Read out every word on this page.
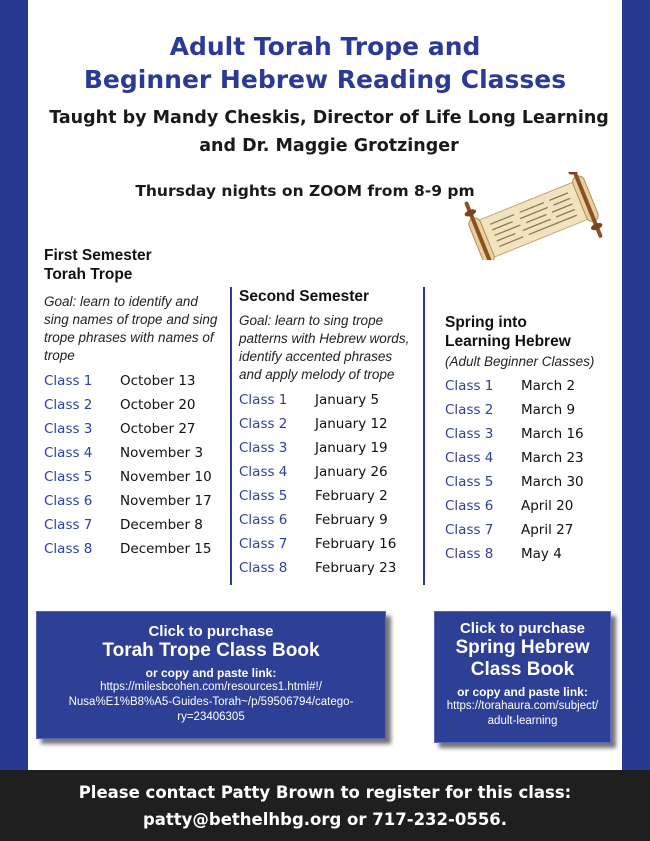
Adult Torah Trope and
Beginner Hebrew Reading Classes
Taught by Mandy Cheskis, Director of Life Long Learning
and Dr. Maggie Grotzinger
Thursday nights on ZOOM from 8-9 pm
First Semester
Torah Trope
Goal: learn to identify and sing names of trope and sing trope phrases with names of trope
Class 1	October 13
Class 2	October 20
Class 3	October 27
Class 4	November 3
Class 5	November 10
Class 6	November 17
Class 7	December 8
Class 8	December 15
Second Semester
Goal: learn to sing trope patterns with Hebrew words, identify accented phrases and apply melody of trope
Class 1	January 5
Class 2	January 12
Class 3	January 19
Class 4	January 26
Class 5	February 2
Class 6	February 9
Class 7	February 16
Class 8	February 23
Spring into
Learning Hebrew
(Adult Beginner Classes)
Class 1	March 2
Class 2	March 9
Class 3	March 16
Class 4	March 23
Class 5	March 30
Class 6	April 20
Class 7	April 27
Class 8	May 4
Click to purchase
Torah Trope Class Book
or copy and paste link:
https://milesbcohen.com/resources1.html#!/
Nusa%E1%B8%A5-Guides-Torah~/p/59506794/catego-
ry=23406305
Click to purchase
Spring Hebrew
Class Book
or copy and paste link:
https://torahaura.com/subject/
adult-learning
Please contact Patty Brown to register for this class:
patty@bethelhbg.org or 717-232-0556.
